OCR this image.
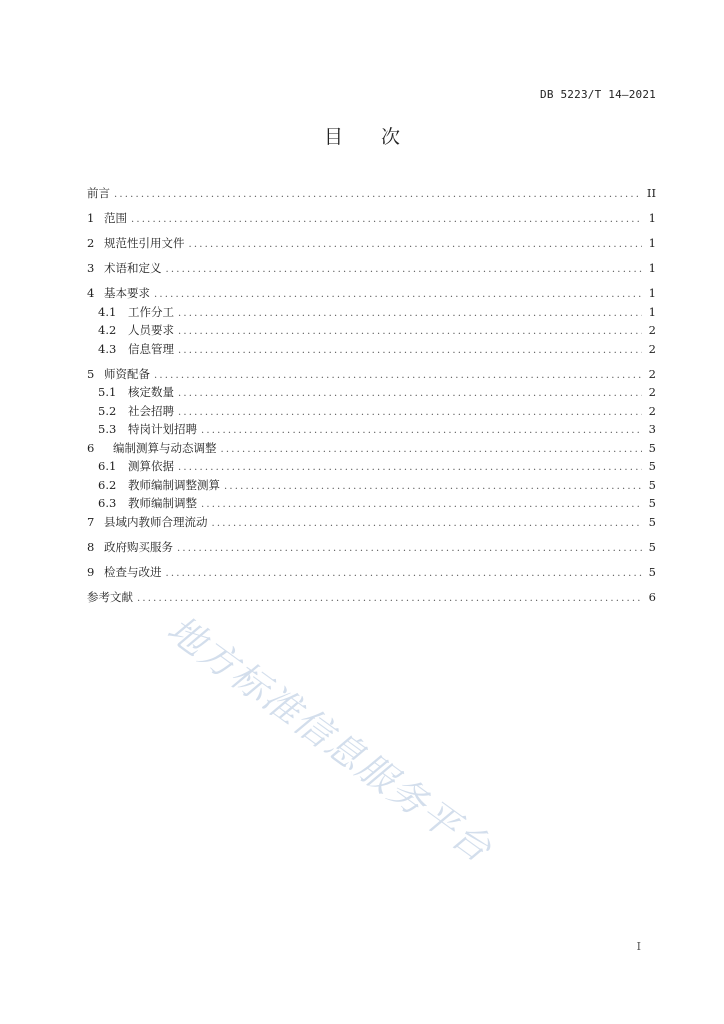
DB 5223/T 14—2021
目 次
前言 .....	II
1 范围 .....	1
2 规范性引用文件 .....	1
3 术语和定义 .....	1
4 基本要求 .....	1
4.1	工作分工 .....	1
4.2	人员要求 .....	2
4.3	信息管理 .....	2
5 师资配备 .....	2
5.1	核定数量 .....	2
5.2	社会招聘 .....	2
5.3	特岗计划招聘 .....	3
6	编制测算与动态调整 .....	5
6.1	测算依据 .....	5
6.2	教师编制调整测算 .....	5
6.3	教师编制调整 .....	5
7 县域内教师合理流动 .....	5
8 政府购买服务 .....	5
9 检查与改进 .....	5
参考文献 .....	6
地方标准信息服务平台
I
